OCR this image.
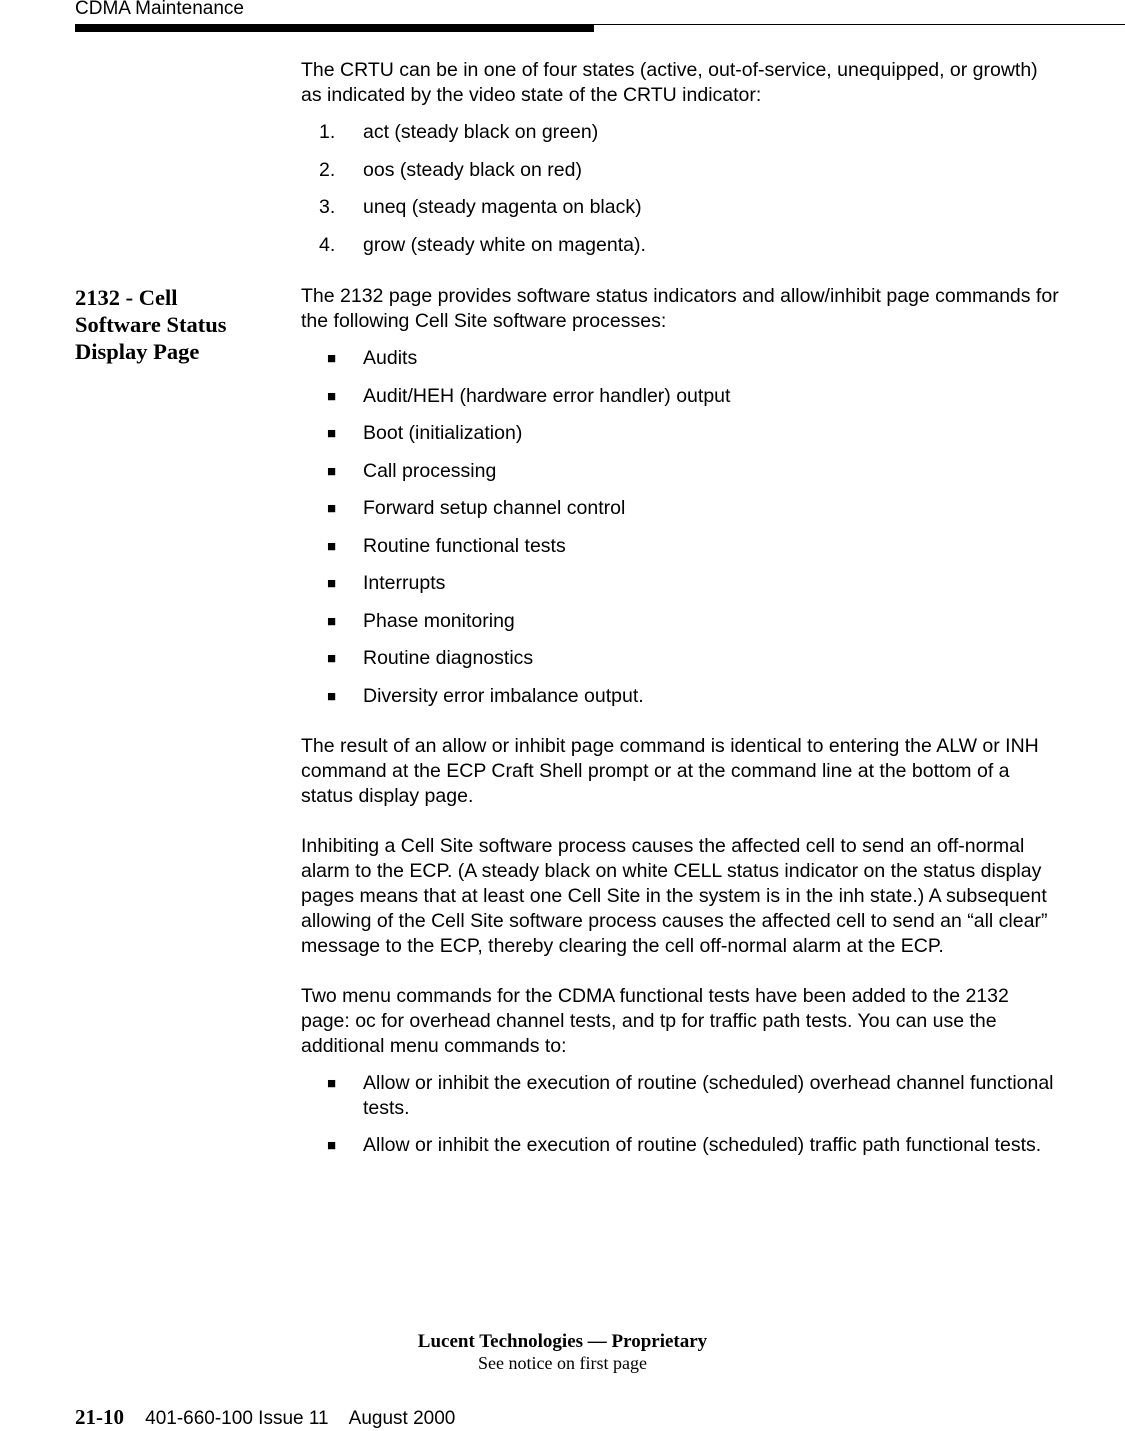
CDMA Maintenance

The CRTU can be in one of four states (active, out-of-service, unequipped, or growth) as indicated by the video state of the CRTU indicator:

1. act (steady black on green)
2. oos (steady black on red)
3. uneq (steady magenta on black)
4. grow (steady white on magenta).
2132 - Cell
Software Status
Display Page

The 2132 page provides software status indicators and allow/inhibit page commands for the following Cell Site software processes:

■ Audits
■ Audit/HEH (hardware error handler) output
■ Boot (initialization)
■ Call processing
■ Forward setup channel control
■ Routine functional tests
■ Interrupts
■ Phase monitoring
■ Routine diagnostics
■ Diversity error imbalance output.

The result of an allow or inhibit page command is identical to entering the ALW or INH command at the ECP Craft Shell prompt or at the command line at the bottom of a status display page.

Inhibiting a Cell Site software process causes the affected cell to send an off-normal alarm to the ECP. (A steady black on white CELL status indicator on the status display pages means that at least one Cell Site in the system is in the inh state.) A subsequent allowing of the Cell Site software process causes the affected cell to send an “all clear” message to the ECP, thereby clearing the cell off-normal alarm at the ECP.

Two menu commands for the CDMA functional tests have been added to the 2132 page: oc for overhead channel tests, and tp for traffic path tests. You can use the additional menu commands to:

■ Allow or inhibit the execution of routine (scheduled) overhead channel functional tests.
■ Allow or inhibit the execution of routine (scheduled) traffic path functional tests.
Lucent Technologies — Proprietary
See notice on first page
21-10 401-660-100 Issue 11    August 2000
